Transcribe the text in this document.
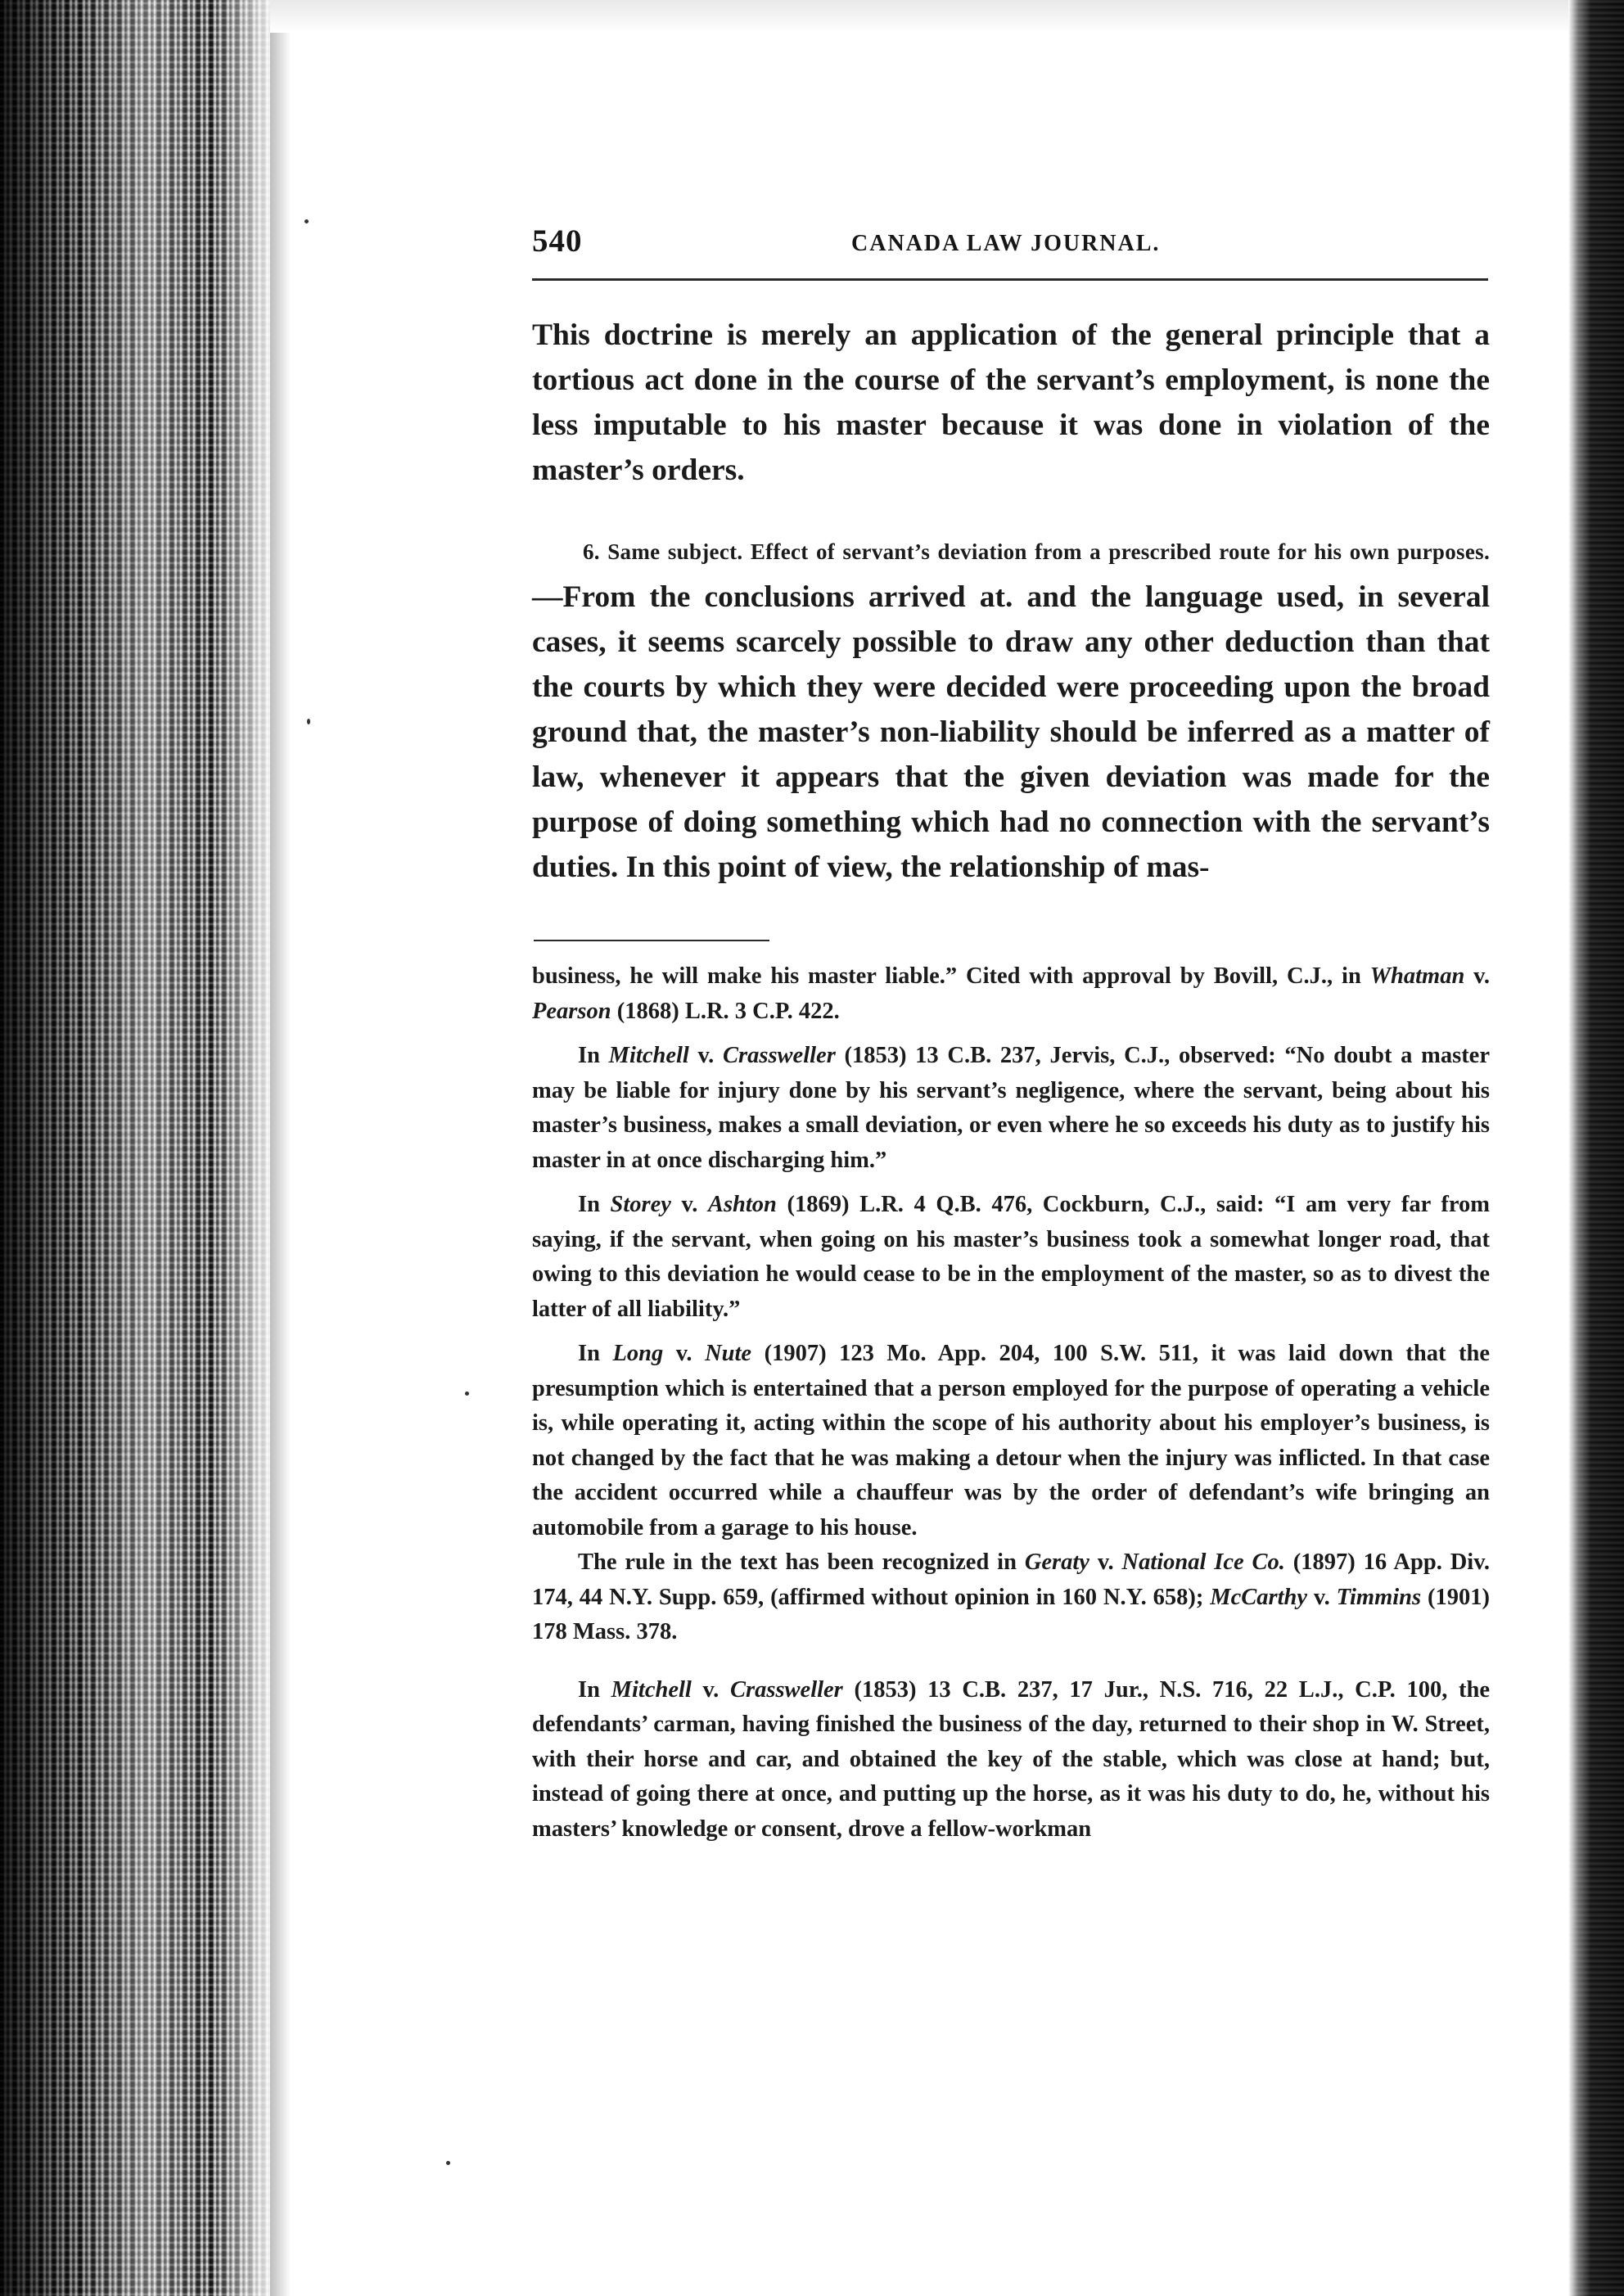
540	CANADA LAW JOURNAL.

This doctrine is merely an application of the general principle that a tortious act done in the course of the servant’s employment, is none the less imputable to his master because it was done in violation of the master’s orders.

6. Same subject. Effect of servant’s deviation from a prescribed route for his own purposes.—From the conclusions arrived at. and the language used, in several cases, it seems scarcely possible to draw any other deduction than that the courts by which they were decided were proceeding upon the broad ground that, the master’s non-liability should be inferred as a matter of law, whenever it appears that the given deviation was made for the purpose of doing something which had no connection with the servant’s duties. In this point of view, the relationship of mas-

business, he will make his master liable.” Cited with approval by Bovill, C.J., in Whatman v. Pearson (1868) L.R. 3 C.P. 422.

In Mitchell v. Crassweller (1853) 13 C.B. 237, Jervis, C.J., observed: “No doubt a master may be liable for injury done by his servant’s negligence, where the servant, being about his master’s business, makes a small deviation, or even where he so exceeds his duty as to justify his master in at once discharging him.”

In Storey v. Ashton (1869) L.R. 4 Q.B. 476, Cockburn, C.J., said: “I am very far from saying, if the servant, when going on his master’s business took a somewhat longer road, that owing to this deviation he would cease to be in the employment of the master, so as to divest the latter of all liability.”

In Long v. Nute (1907) 123 Mo. App. 204, 100 S.W. 511, it was laid down that the presumption which is entertained that a person employed for the purpose of operating a vehicle is, while operating it, acting within the scope of his authority about his employer’s business, is not changed by the fact that he was making a detour when the injury was inflicted. In that case the accident occurred while a chauffeur was by the order of defendant’s wife bringing an automobile from a garage to his house.

The rule in the text has been recognized in Geraty v. National Ice Co. (1897) 16 App. Div. 174, 44 N.Y. Supp. 659, (affirmed without opinion in 160 N.Y. 658); McCarthy v. Timmins (1901) 178 Mass. 378.

In Mitchell v. Crassweller (1853) 13 C.B. 237, 17 Jur., N.S. 716, 22 L.J., C.P. 100, the defendants’ carman, having finished the business of the day, returned to their shop in W. Street, with their horse and car, and obtained the key of the stable, which was close at hand; but, instead of going there at once, and putting up the horse, as it was his duty to do, he, without his masters’ knowledge or consent, drove a fellow-workman
